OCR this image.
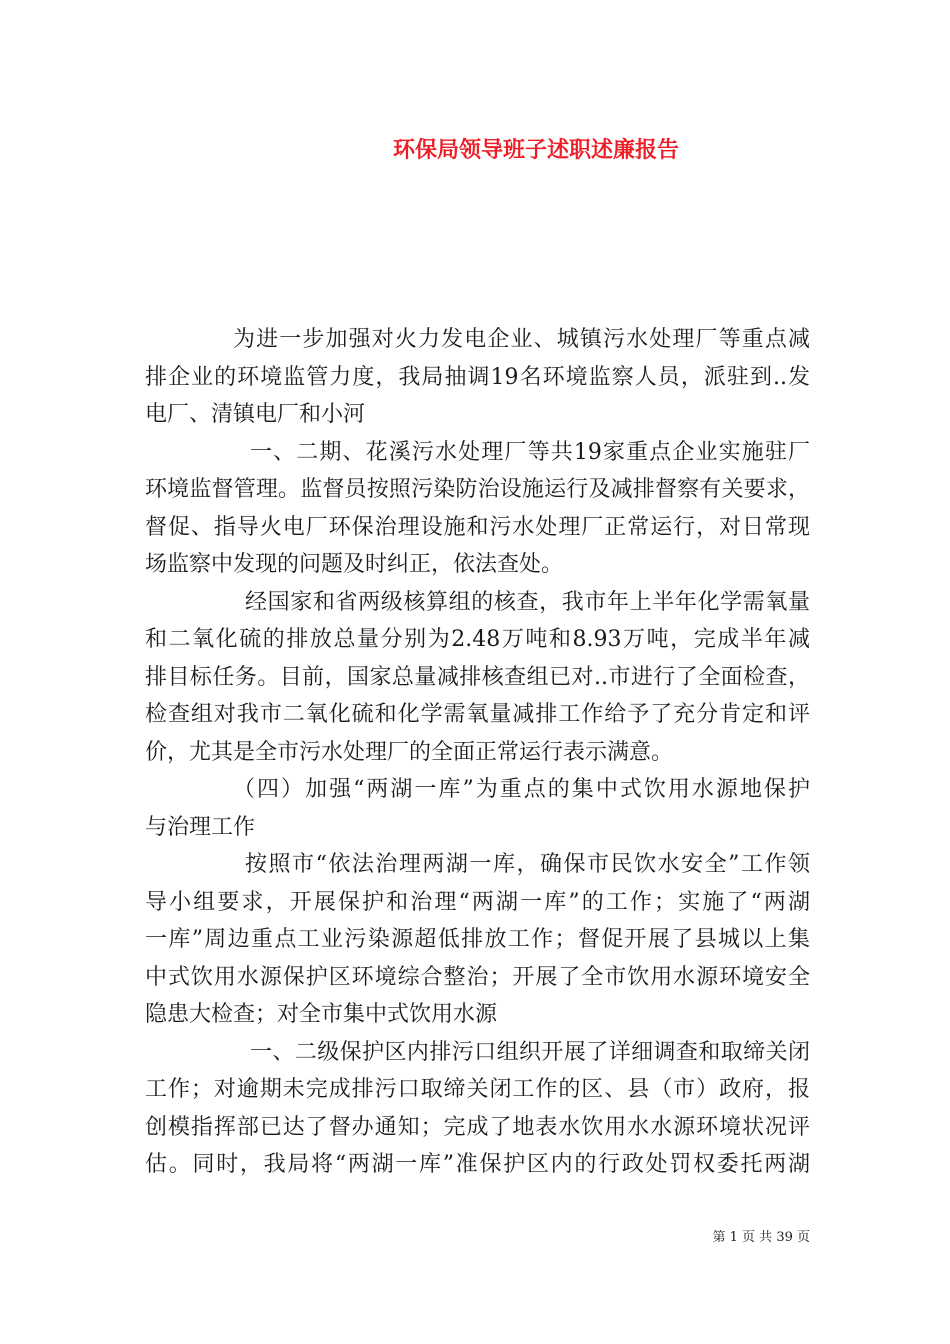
环保局领导班子述职述廉报告
为进一步加强对火力发电企业、城镇污水处理厂等重点减
排企业的环境监管力度，我局抽调19名环境监察人员，派驻到..发
电厂、清镇电厂和小河
一、二期、花溪污水处理厂等共19家重点企业实施驻厂
环境监督管理。监督员按照污染防治设施运行及减排督察有关要求，
督促、指导火电厂环保治理设施和污水处理厂正常运行，对日常现
场监察中发现的问题及时纠正，依法查处。
经国家和省两级核算组的核查，我市年上半年化学需氧量
和二氧化硫的排放总量分别为2.48万吨和8.93万吨，完成半年减
排目标任务。目前，国家总量减排核查组已对..市进行了全面检查，
检查组对我市二氧化硫和化学需氧量减排工作给予了充分肯定和评
价，尤其是全市污水处理厂的全面正常运行表示满意。
（四）加强“两湖一库”为重点的集中式饮用水源地保护
与治理工作
按照市“依法治理两湖一库，确保市民饮水安全”工作领
导小组要求，开展保护和治理“两湖一库”的工作；实施了“两湖
一库”周边重点工业污染源超低排放工作；督促开展了县城以上集
中式饮用水源保护区环境综合整治；开展了全市饮用水源环境安全
隐患大检查；对全市集中式饮用水源
一、二级保护区内排污口组织开展了详细调查和取缔关闭
工作；对逾期未完成排污口取缔关闭工作的区、县（市）政府，报
创模指挥部已达了督办通知；完成了地表水饮用水水源环境状况评
估。同时，我局将“两湖一库”准保护区内的行政处罚权委托两湖
第 1 页 共 39 页
